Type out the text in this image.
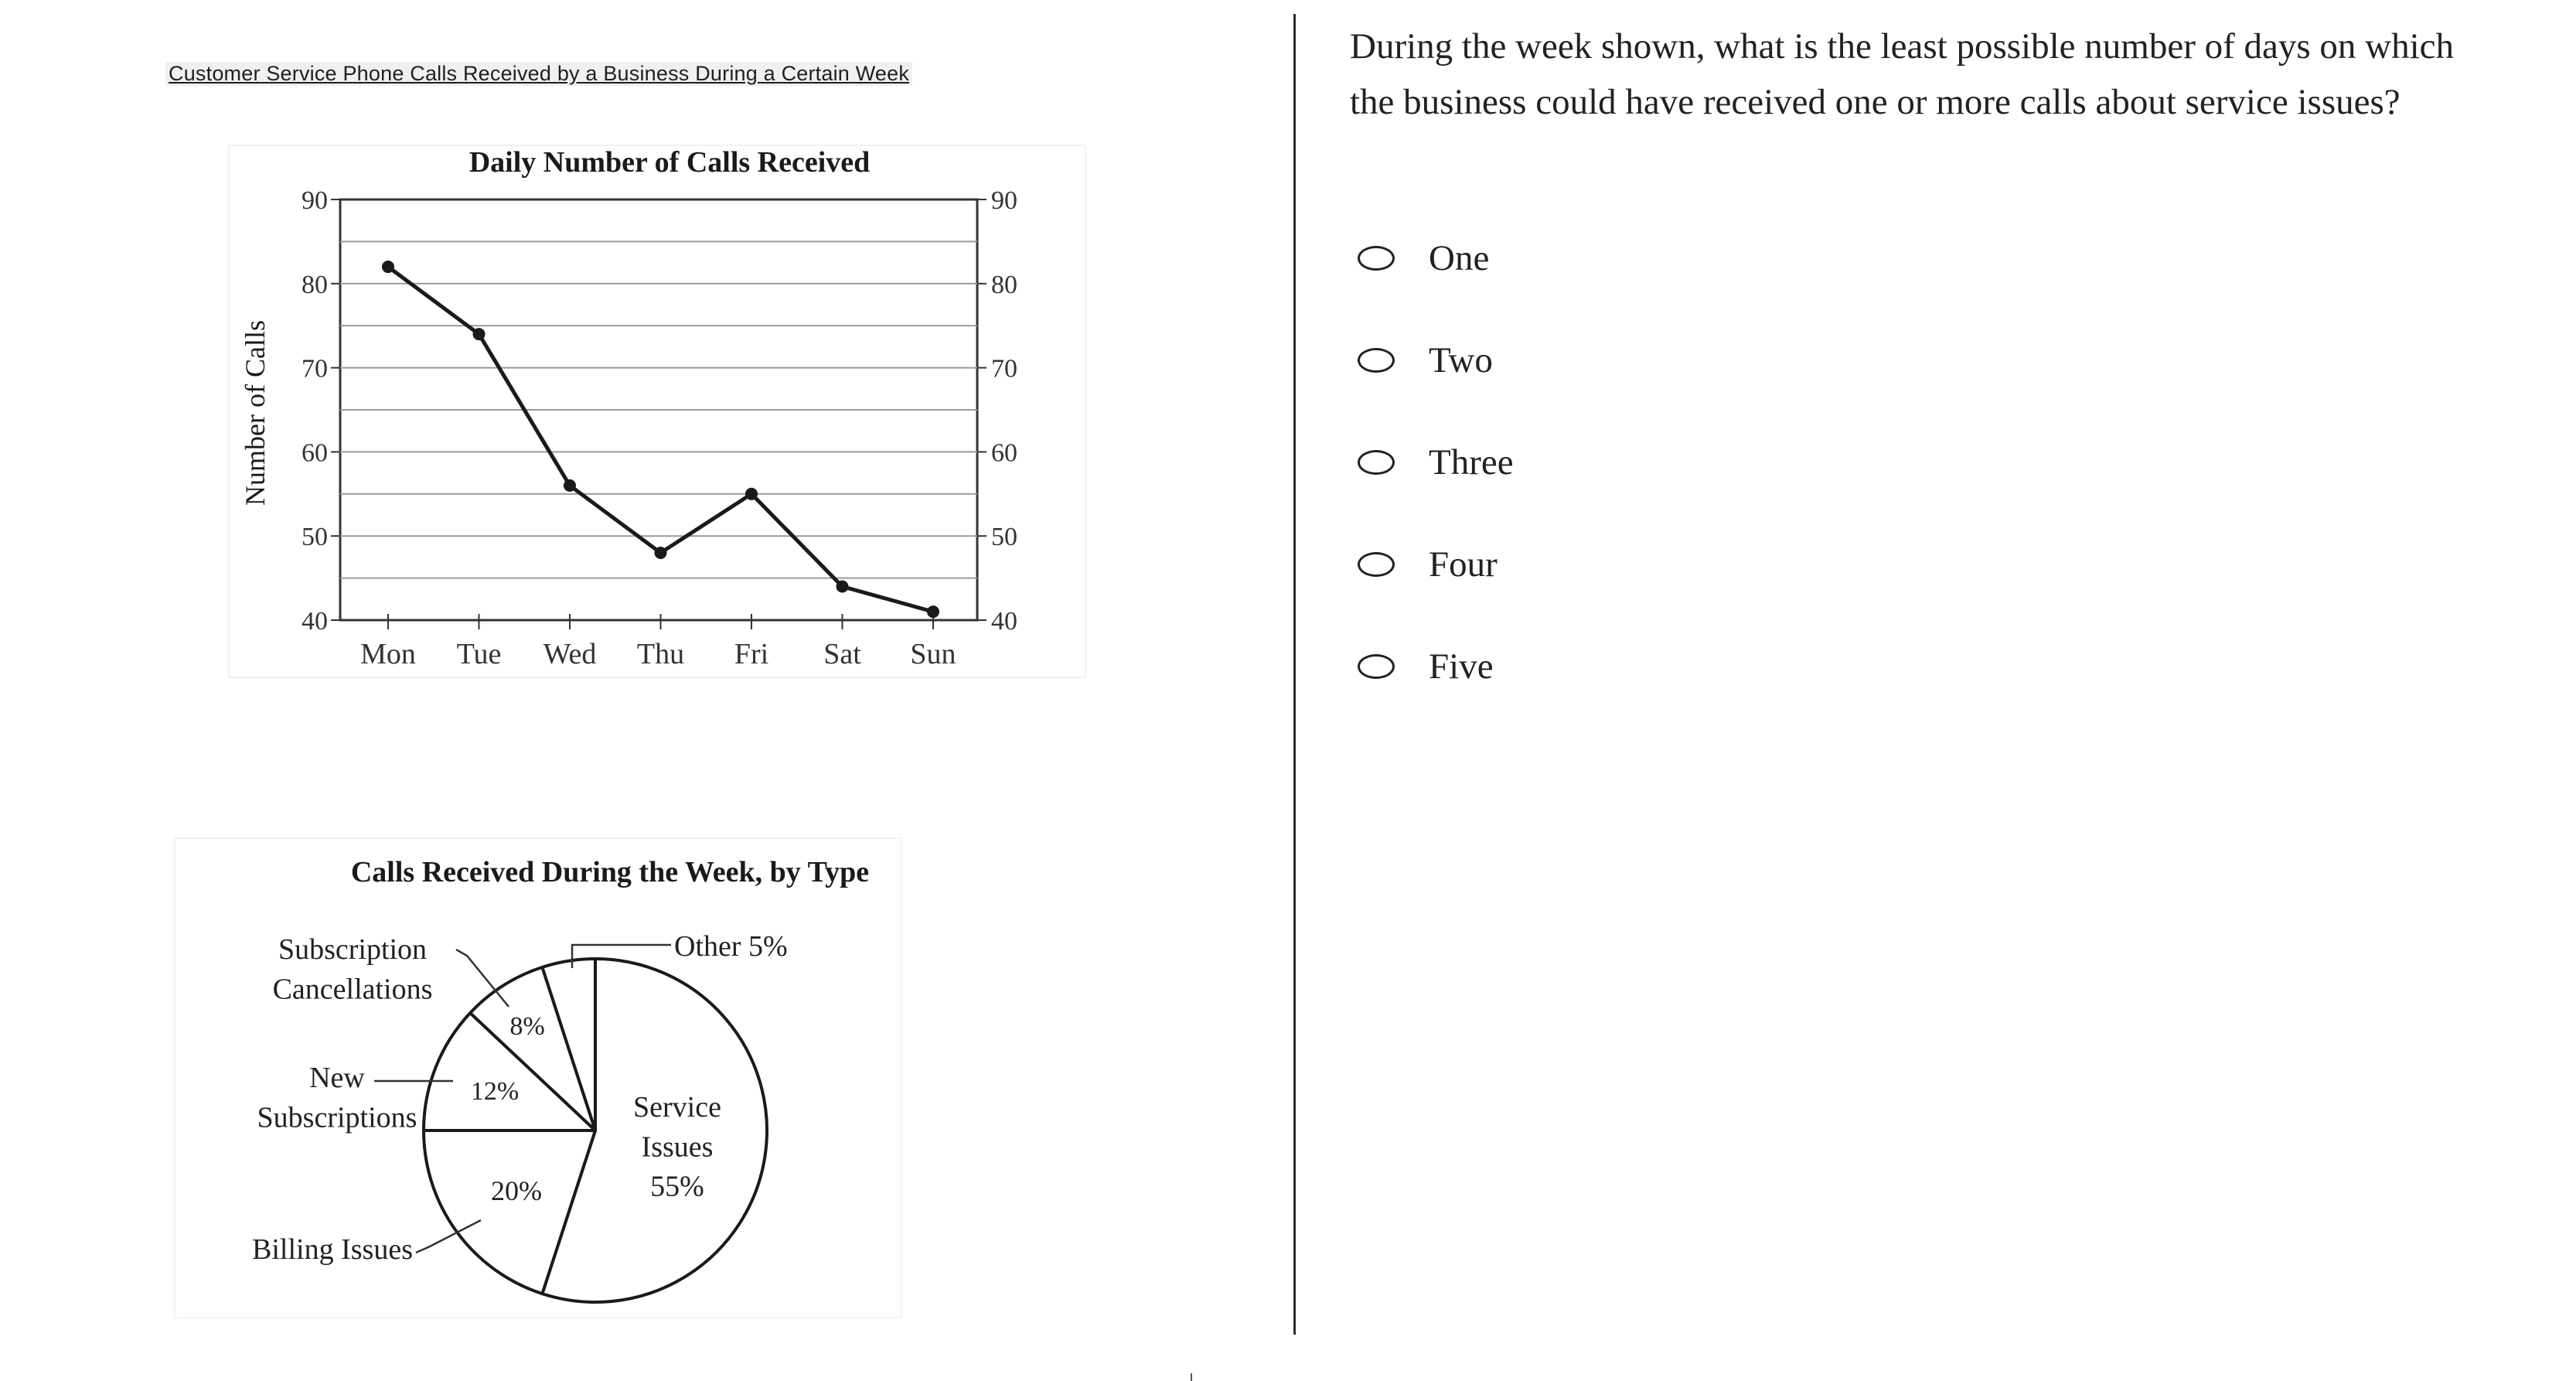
Customer Service Phone Calls Received by a Business During a Certain Week
Daily Number of Calls Received
Number of Calls
40	40
50	50
60	60
70	70
80	80
90	90
Mon Tue Wed Thu Fri Sat Sun
Calls Received During the Week, by Type
Service Issues 55%
20%
Billing Issues
12%
New Subscriptions
8%
Subscription Cancellations
Other 5%

During the week shown, what is the least possible number of days on which the business could have received one or more calls about service issues?

One
Two
Three
Four
Five
